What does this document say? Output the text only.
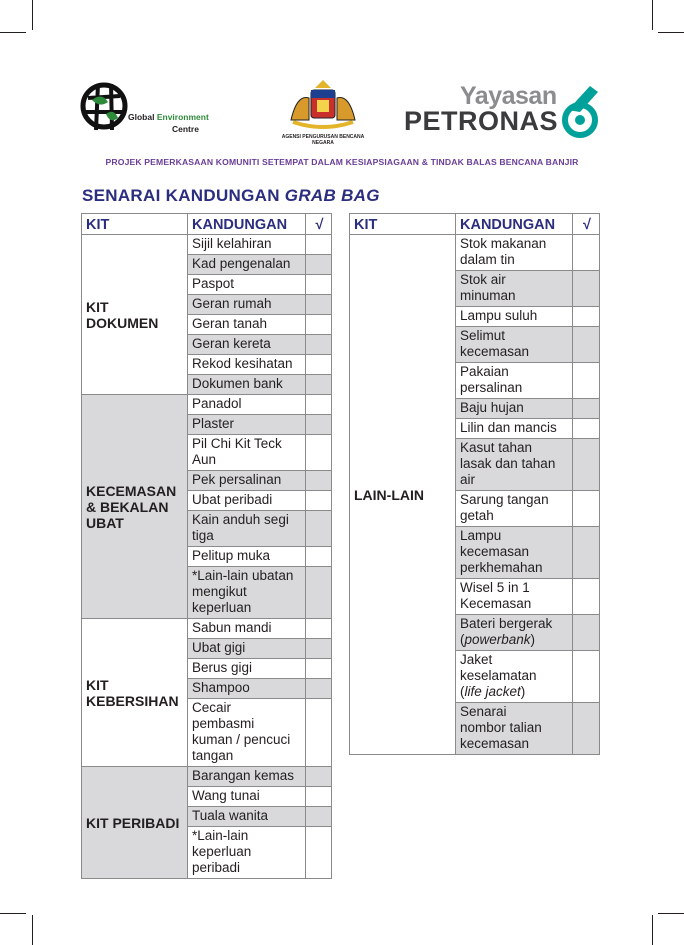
Global Environment
Centre
AGENSI PENGURUSAN BENCANA
NEGARA
Yayasan
PETRONAS
PROJEK PEMERKASAAN KOMUNITI SETEMPAT DALAM KESIAPSIAGAAN & TINDAK BALAS BENCANA BANJIR
SENARAI KANDUNGAN GRAB BAG
KIT	KANDUNGAN	√

KIT
DOKUMEN	Sijil kelahiran	

	Kad pengenalan	

	Paspot	

	Geran rumah	

	Geran tanah	

	Geran kereta	

	Rekod kesihatan	

	Dokumen bank	

KECEMASAN
& BEKALAN
UBAT	Panadol	

	Plaster	

	Pil Chi Kit Teck
Aun	

	Pek persalinan	

	Ubat peribadi	

	Kain anduh segi
tiga	

	Pelitup muka	

	*Lain-lain ubatan
mengikut
keperluan	

KIT
KEBERSIHAN	Sabun mandi	

	Ubat gigi	

	Berus gigi	

	Shampoo	

	Cecair
pembasmi
kuman / pencuci
tangan	

KIT PERIBADI	Barangan kemas	

	Wang tunai	

	Tuala wanita	

	*Lain-lain
keperluan
peribadi	

KIT	KANDUNGAN	√

LAIN-LAIN	Stok makanan
dalam tin	

	Stok air
minuman	

	Lampu suluh	

	Selimut
kecemasan	

	Pakaian
persalinan	

	Baju hujan	

	Lilin dan mancis	

	Kasut tahan
lasak dan tahan
air	

	Sarung tangan
getah	

	Lampu
kecemasan
perkhemahan	

	Wisel 5 in 1
Kecemasan	

	Bateri bergerak
(powerbank)	

	Jaket
keselamatan
(life jacket)	

	Senarai
nombor talian
kecemasan	
